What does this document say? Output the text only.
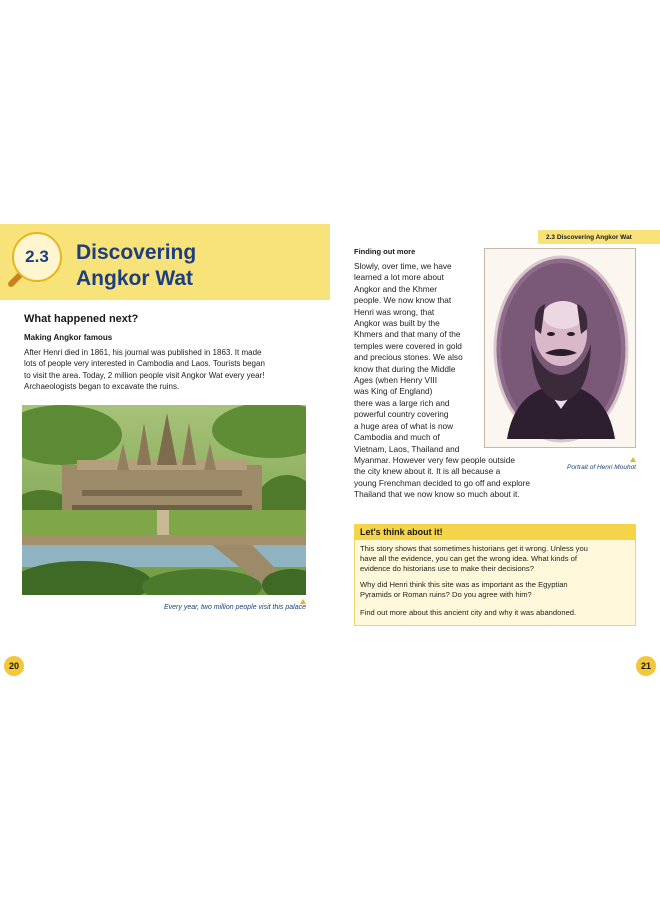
2.3 Discovering
Angkor Wat
What happened next?
Making Angkor famous
After Henri died in 1861, his journal was published in 1863. It made
lots of people very interested in Cambodia and Laos. Tourists began
to visit the area. Today, 2 million people visit Angkor Wat every year!
Archaeologists began to excavate the ruins.
Every year, two million people visit this palace
20
2.3 Discovering Angkor Wat
Finding out more
Slowly, over time, we have
learned a lot more about
Angkor and the Khmer
people. We now know that
Henri was wrong, that
Angkor was built by the
Khmers and that many of the
temples were covered in gold
and precious stones. We also
know that during the Middle
Ages (when Henry VIII
was King of England)
there was a large rich and
powerful country covering
a huge area of what is now
Cambodia and much of
Vietnam, Laos, Thailand and
Myanmar. However very few people outside
the city knew about it. It is all because a
young Frenchman decided to go off and explore
Thailand that we now know so much about it.
Portrait of Henri Mouhot
Let's think about it!
This story shows that sometimes historians get it wrong. Unless you
have all the evidence, you can get the wrong idea. What kinds of
evidence do historians use to make their decisions?
Why did Henri think this site was as important as the Egyptian
Pyramids or Roman ruins? Do you agree with him?
Find out more about this ancient city and why it was abandoned.
21
